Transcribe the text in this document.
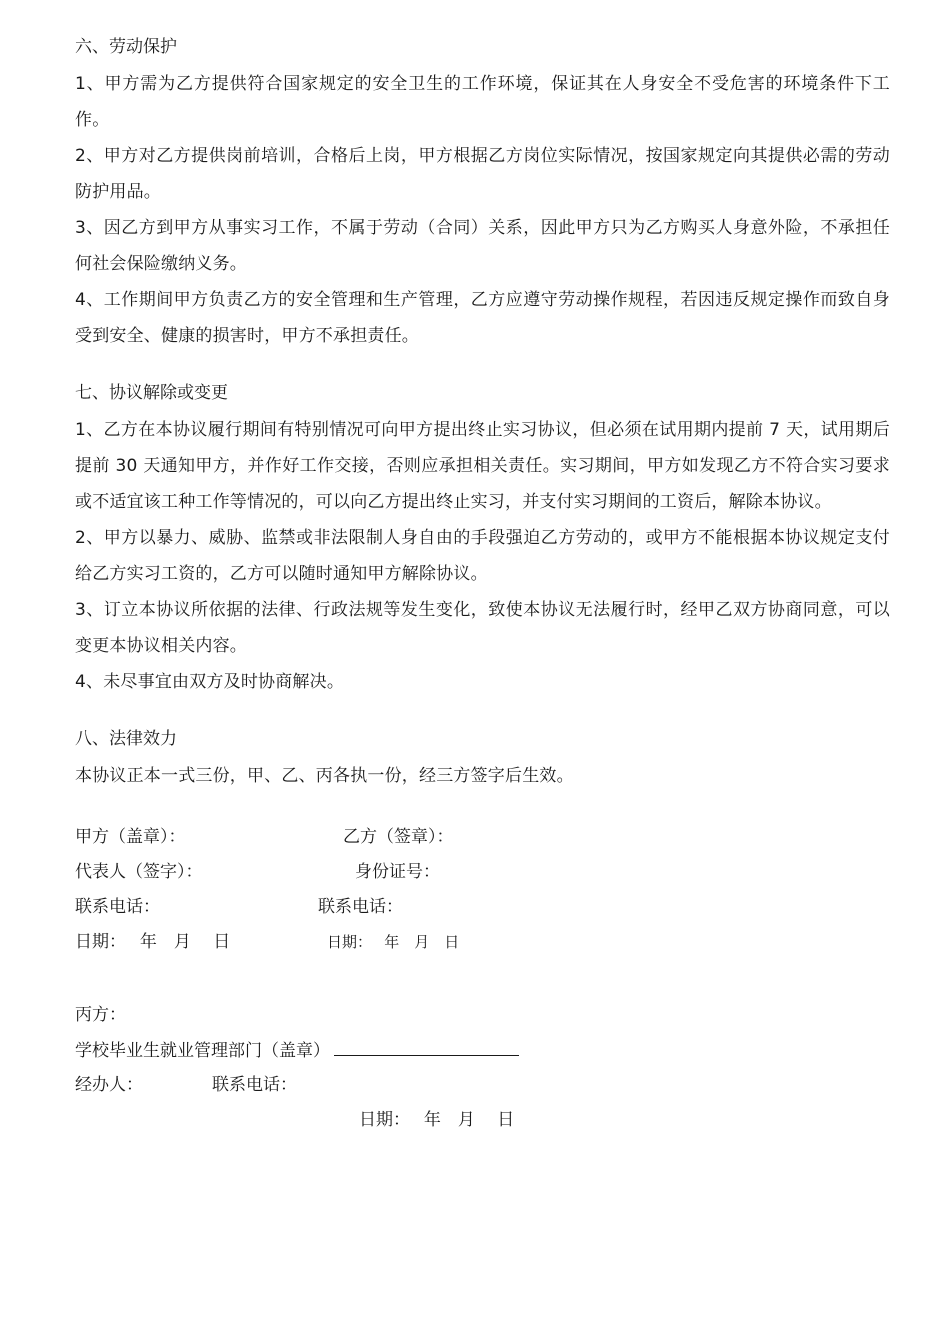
六、劳动保护

1、甲方需为乙方提供符合国家规定的安全卫生的工作环境，保证其在人身安全不受危害的环境条件下工作。

2、甲方对乙方提供岗前培训，合格后上岗，甲方根据乙方岗位实际情况，按国家规定向其提供必需的劳动防护用品。

3、因乙方到甲方从事实习工作，不属于劳动（合同）关系，因此甲方只为乙方购买人身意外险，不承担任何社会保险缴纳义务。

4、工作期间甲方负责乙方的安全管理和生产管理，乙方应遵守劳动操作规程，若因违反规定操作而致自身受到安全、健康的损害时，甲方不承担责任。

七、协议解除或变更

1、乙方在本协议履行期间有特别情况可向甲方提出终止实习协议，但必须在试用期内提前 7 天，试用期后提前 30 天通知甲方，并作好工作交接，否则应承担相关责任。实习期间，甲方如发现乙方不符合实习要求或不适宜该工种工作等情况的，可以向乙方提出终止实习，并支付实习期间的工资后，解除本协议。

2、甲方以暴力、威胁、监禁或非法限制人身自由的手段强迫乙方劳动的，或甲方不能根据本协议规定支付给乙方实习工资的，乙方可以随时通知甲方解除协议。

3、订立本协议所依据的法律、行政法规等发生变化，致使本协议无法履行时，经甲乙双方协商同意，可以变更本协议相关内容。

4、未尽事宜由双方及时协商解决。

八、法律效力

本协议正本一式三份，甲、乙、丙各执一份，经三方签字后生效。

甲方（盖章）：	乙方（签章）：
代表人（签字）：	身份证号：
联系电话：	联系电话：
日期：　 年　月　 日	日期：　 年　月　日
丙方：
学校毕业生就业管理部门（盖章）
经办人：	联系电话：
日期：　 年　月　 日
